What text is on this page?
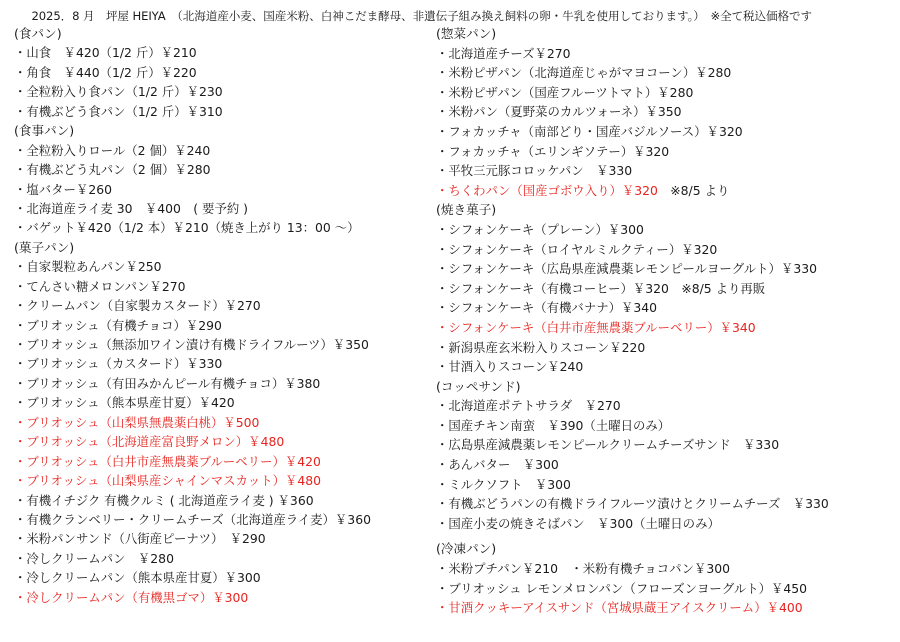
　2025．8 月　坪屋 HEIYA　（北海道産小麦、国産米粉、白神こだま酵母、非遺伝子組み換え飼料の卵・牛乳を使用しております。）　※全て税込価格です
(食パン)
・山食　￥420（1/2 斤）￥210
・角食　￥440（1/2 斤）￥220
・全粒粉入り食パン（1/2 斤）￥230
・有機ぶどう食パン（1/2 斤）￥310
(食事パン)
・全粒粉入りロール（2 個）￥240
・有機ぶどう丸パン（2 個）￥280
・塩バター￥260
・北海道産ライ麦 30　￥400　( 要予約 )
・バゲット￥420（1/2 本）￥210（焼き上がり 13：00 ～）
(菓子パン)
・自家製粒あんパン￥250
・てんさい糖メロンパン￥270
・クリームパン（自家製カスタード）￥270
・ブリオッシュ（有機チョコ）￥290
・ブリオッシュ（無添加ワイン漬け有機ドライフルーツ）￥350
・ブリオッシュ（カスタード）￥330
・ブリオッシュ（有田みかんピール有機チョコ）￥380
・ブリオッシュ（熊本県産甘夏）￥420
・ブリオッシュ（山梨県無農薬白桃）￥500
・ブリオッシュ（北海道産富良野メロン）￥480
・ブリオッシュ（白井市産無農薬ブルーベリー）￥420
・ブリオッシュ（山梨県産シャインマスカット）￥480
・有機イチジク 有機クルミ ( 北海道産ライ麦 ) ￥360
・有機クランベリー・クリームチーズ（北海道産ライ麦）￥360
・米粉パンサンド（八街産ピーナツ）　￥290
・冷しクリームパン　￥280
・冷しクリームパン（熊本県産甘夏）￥300
・冷しクリームパン（有機黒ゴマ）￥300
(惣菜パン)
・北海道産チーズ￥270
・米粉ピザパン（北海道産じゃがマヨコーン）￥280
・米粉ピザパン（国産フルーツトマト）￥280
・米粉パン（夏野菜のカルツォーネ）￥350
・フォカッチャ（南部どり・国産バジルソース）￥320
・フォカッチャ（エリンギソテー）￥320
・平牧三元豚コロッケパン　￥330
・ちくわパン（国産ゴボウ入り）￥320　※8/5 より
(焼き菓子)
・シフォンケーキ（プレーン）￥300
・シフォンケーキ（ロイヤルミルクティー）￥320
・シフォンケーキ（広島県産減農薬レモンピールヨーグルト）￥330
・シフォンケーキ（有機コーヒー）￥320　※8/5 より再販
・シフォンケーキ（有機バナナ）￥340
・シフォンケーキ（白井市産無農薬ブルーベリー）￥340
・新潟県産玄米粉入りスコーン￥220
・甘酒入りスコーン￥240
(コッペサンド)
・北海道産ポテトサラダ　￥270
・国産チキン南蛮　￥390（土曜日のみ）
・広島県産減農薬レモンピールクリームチーズサンド　￥330
・あんバター　￥300
・ミルクソフト　￥300
・有機ぶどうパンの有機ドライフルーツ漬けとクリームチーズ　￥330
・国産小麦の焼きそばパン　￥300（土曜日のみ）
(冷凍パン)
・米粉プチパン￥210　・米粉有機チョコパン￥300
・ブリオッシュ レモンメロンパン（フローズンヨーグルト）￥450
・甘酒クッキーアイスサンド（宮城県蔵王アイスクリーム）￥400
